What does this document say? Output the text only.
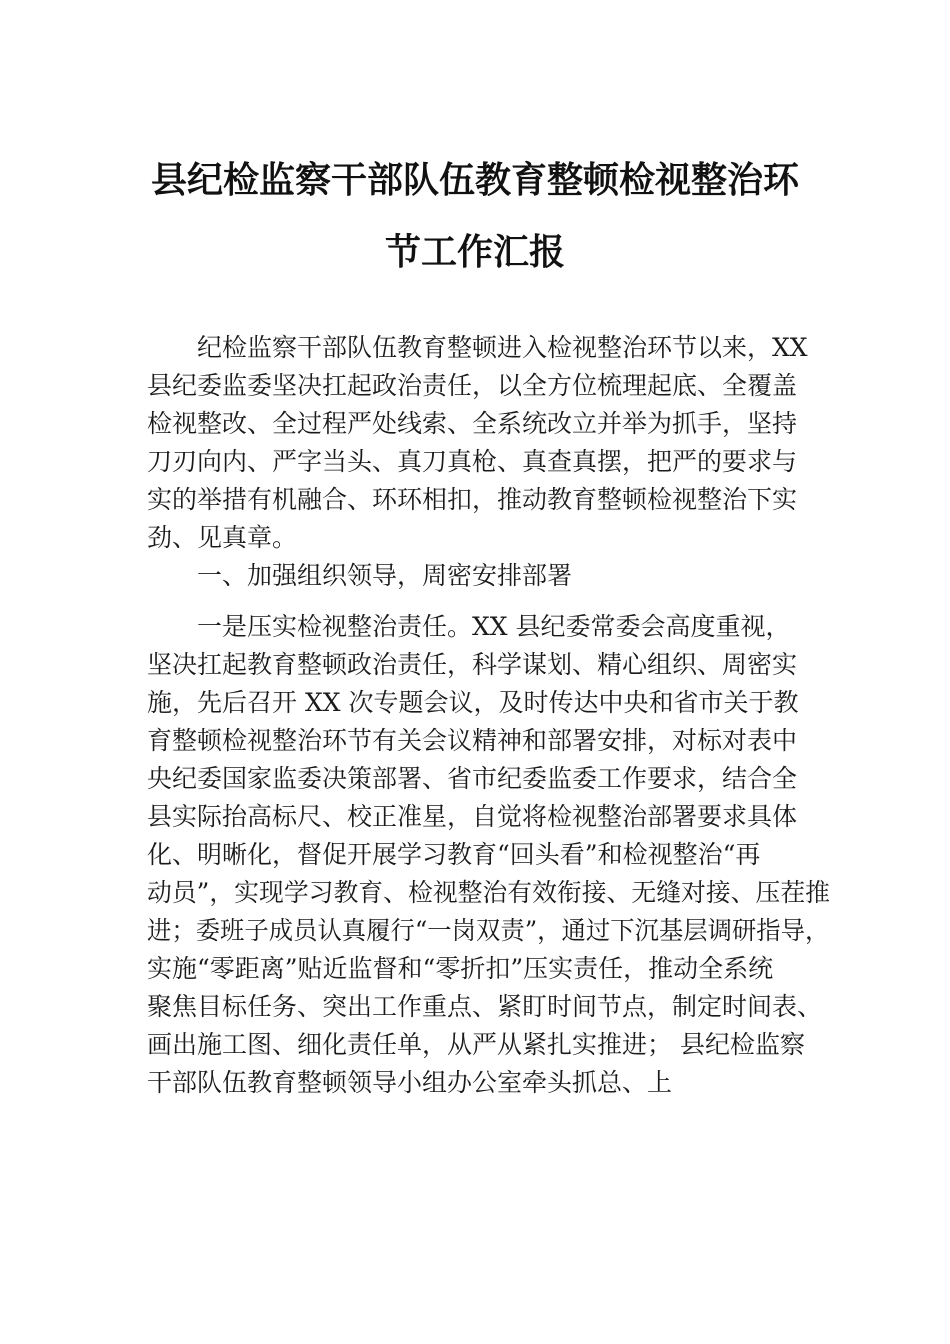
县纪检监察干部队伍教育整顿检视整治环
节工作汇报
纪检监察干部队伍教育整顿进入检视整治环节以来，XX
县纪委监委坚决扛起政治责任，以全方位梳理起底、全覆盖
检视整改、全过程严处线索、全系统改立并举为抓手，坚持
刀刃向内、严字当头、真刀真枪、真查真摆，把严的要求与
实的举措有机融合、环环相扣，推动教育整顿检视整治下实
劲、见真章。
一、加强组织领导，周密安排部署
一是压实检视整治责任。XX 县纪委常委会高度重视，
坚决扛起教育整顿政治责任，科学谋划、精心组织、周密实
施，先后召开 XX 次专题会议，及时传达中央和省市关于教
育整顿检视整治环节有关会议精神和部署安排，对标对表中
央纪委国家监委决策部署、省市纪委监委工作要求，结合全
县实际抬高标尺、校正准星，自觉将检视整治部署要求具体
化、明晰化，督促开展学习教育“回头看”和检视整治“再
动员”，实现学习教育、检视整治有效衔接、无缝对接、压茬推
进；委班子成员认真履行“一岗双责”，通过下沉基层调研指导，
实施“零距离”贴近监督和“零折扣”压实责任，推动全系统
聚焦目标任务、突出工作重点、紧盯时间节点，制定时间表、
画出施工图、细化责任单，从严从紧扎实推进； 县纪检监察
干部队伍教育整顿领导小组办公室牵头抓总、上
